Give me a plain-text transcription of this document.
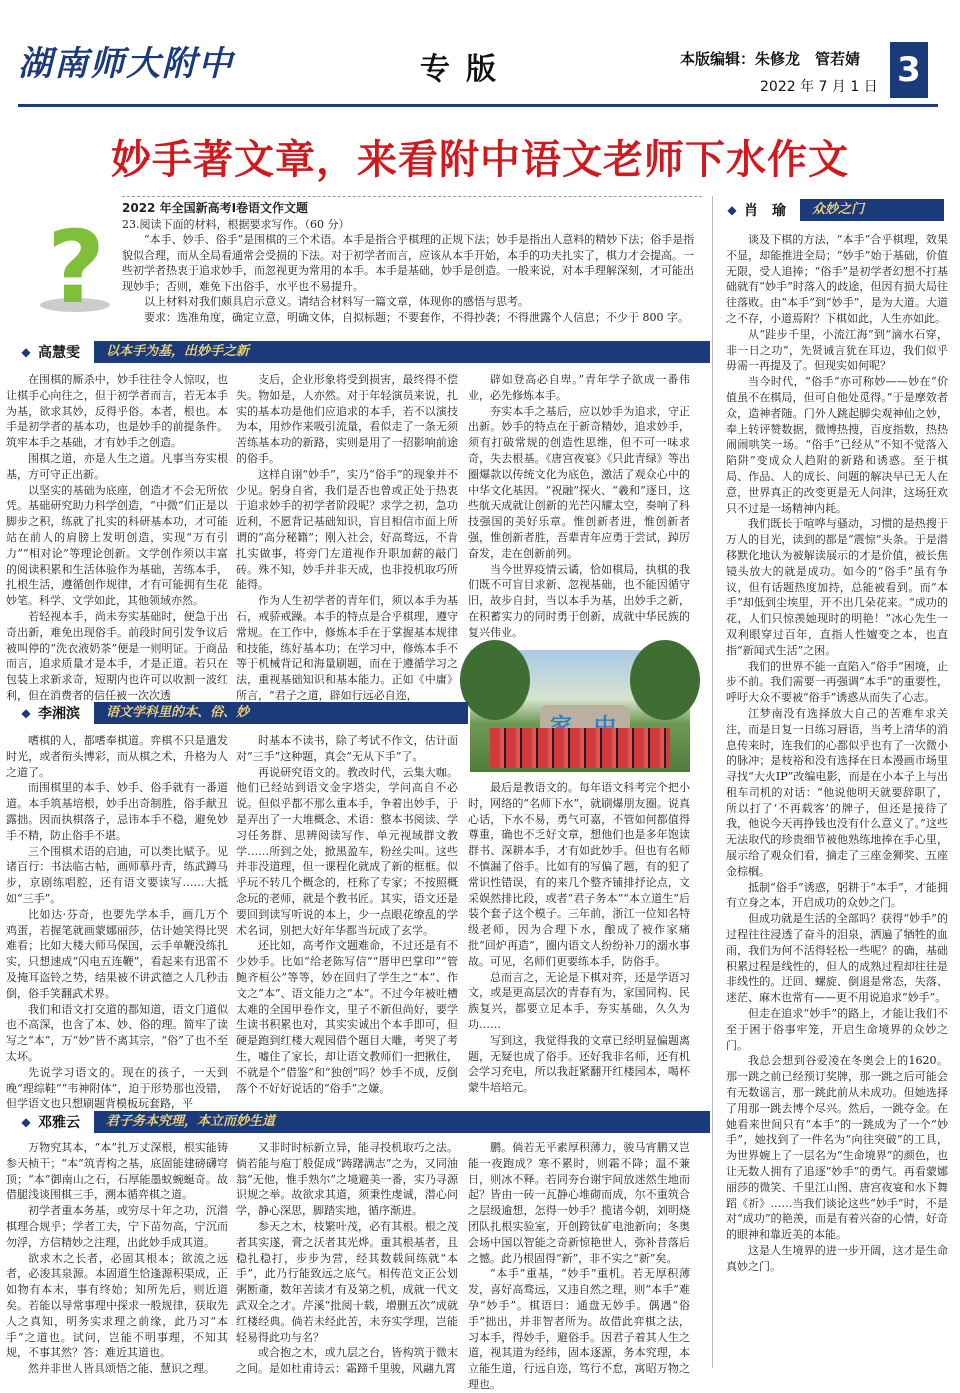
湖南师大附中	专版	本版编辑：朱修龙　管若婧
2022 年 7 月 1 日 3
妙手著文章，来看附中语文老师下水作文
?
2022 年全国新高考Ⅰ卷语文作文题
23.阅读下面的材料，根据要求写作。（60 分）

“本手、妙手、俗手”是围棋的三个术语。本手是指合乎棋理的正规下法；妙手是指出人意料的精妙下法；俗手是指貌似合理，而从全局看通常会受损的下法。对于初学者而言，应该从本手开始，本手的功夫扎实了，棋力才会提高。一些初学者热衷于追求妙手，而忽视更为常用的本手。本手是基础，妙手是创造。一般来说，对本手理解深刻，才可能出现妙手；否则，难免下出俗手，水平也不易提升。

以上材料对我们颇具启示意义。请结合材料写一篇文章，体现你的感悟与思考。

要求：选准角度，确定立意，明确文体，自拟标题；不要套作，不得抄袭；不得泄露个人信息；不少于 800 字。

◆ 肖　瑜	众妙之门
◆ 高慧雯	以本手为基，出妙手之新

在围棋的厮杀中，妙手往往令人惊叹，也让棋手心向往之，但于初学者而言，若无本手为基，欲求其妙，反得乎俗。本者，根也。本手是初学者的基本功，也是妙手的前提条件。筑牢本手之基础，才有妙手之创造。

围棋之道，亦是人生之道。凡事当夯实根基，方可守正出新。

以坚实的基础为底座，创造才不会无所依凭。基础研究助力科学创造，“中微”们正是以脚步之积，练就了扎实的科研基本功，才可能站在前人的肩膀上发明创造，实现“万有引力”“相对论”等理论创新。文学创作须以丰富的阅读积累和生活体验作为基础，苦练本手，扎根生活，遵循创作规律，才有可能拥有生花妙笔。科学、文学如此，其他领域亦然。

若轻视本手，尚未夯实基础时，便急于出奇出新，难免出现俗手。前段时间引发争议后被叫停的“洗衣液奶茶”便是一则明证。于商品而言，追求质量才是本手，才是正道。若只在包装上求新求奇，短期内也许可以收割一波红利，但在消费者的信任被一次次透

支后，企业形象将受到损害，最终得不偿失。物如是，人亦然。对于年轻演员来说，扎实的基本功是他们应追求的本手，若不以演技为本，用炒作来吸引流量，看似走了一条无须苦练基本功的新路，实则是用了一招影响前途的俗手。

这样自诩“妙手”，实乃“俗手”的现象并不少见。躬身自省，我们是否也曾或正处于热衷于追求妙手的初学者阶段呢？求学之初，急功近利，不愿背记基础知识，盲目相信市面上所谓的“高分秘籍”；刚入社会，好高骛远，不肯扎实做事，将旁门左道视作升职加薪的敲门砖。殊不知，妙手并非天成，也非投机取巧所能得。

作为人生初学者的青年们，须以本手为基石，戒骄戒躁。本手的特点是合乎棋理，遵守常规。在工作中，修炼本手在于掌握基本规律和技能，练好基本功；在学习中，修炼本手不等于机械背记和海量刷题，而在于遵循学习之法，重视基础知识和基本能力。正如《中庸》所言，“君子之道，辟如行远必自迩，

辟如登高必自卑。”青年学子欲成一番伟业，必先修炼本手。

夯实本手之基后，应以妙手为追求，守正出新。妙手的特点在于新奇精妙，追求妙手，须有打破常规的创造性思维，但不可一味求奇，失去根基。《唐宫夜宴》《只此青绿》等出圈爆款以传统文化为底色，激活了观众心中的中华文化基因。“祝融”探火、“羲和”逐日，这些航天成就让创新的光芒闪耀太空，奏响了科技强国的美好乐章。惟创新者进，惟创新者强，惟创新者胜，吾辈青年应勇于尝试，踔厉奋发，走在创新前列。

当今世界疫情云谲，恰如棋局，执棋的我们既不可盲目求新、忽视基础，也不能因循守旧，故步自封，当以本手为基，出妙手之新，在积蓄实力的同时勇于创新，成就中华民族的复兴伟业。

◆ 李湘滨	语文学科里的本、俗、妙

嗜棋的人，都嗜奉棋道。弈棋不只是遣发时光，或者衔头博彩，而从棋之术，升格为人之道了。

而围棋里的本手、妙手、俗手就有一番道道。本手筑基培根，妙手出奇制胜，俗手献丑露拙。因而执棋落子，忌讳本手不稳，避免妙手不精，防止俗手不堪。

三个围棋术语的启迪，可以类比赋予。见诸百行：书法临古帖，画师摹丹青，练武蹲马步，京剧练唱腔，还有语文要读写……大抵如“三手”。

比如达·芬奇，也要先学本手，画几万个鸡蛋，若握笔就画蒙娜丽莎，估计她笑得比哭难看；比如大楼大师马保国，云手单鞭没练扎实，只想速成“闪电五连鞭”，看起来有迅雷不及掩耳盗铃之势，结果被不讲武德之人几秒击倒，俗手笑翻武术界。

我们和语文打交道的都知道，语文门道似也不高深，也含了本、妙、俗的理。简牢了读写之“本”，万“妙”皆不离其宗，“俗”了也不至太坏。

先说学习语文的。现在的孩子，一天到晚“理综鞋”“韦神附体”，迫于形势那也没错，但学语文也只想刷题背模板玩套路，平

时基本不读书，除了考试不作文，估计面对“三手”这种题，真会“无从下手”了。

再说研究语文的。教改时代，云集大咖。他们已经站到语文金字塔尖，学问高自不必说。但似乎都不那么重本手，争着出妙手，于是弄出了一大堆概念、术语：整本书阅读、学习任务群、思辨阅读写作、单元视域群文教学……所到之处，掀黑盈车，粉丝尖叫。这些并非没道理，但一课程化就成了新的框框。似乎玩不转几个概念的，枉称了专家；不按照概念玩的老师，就是个教书匠。其实，语文还是要回到读写听说的本上，少一点眼花缭乱的学术名词，别把大好年华都当玩成了玄学。

还比如，高考作文题难命，不过还是有不少妙手。比如“给老陈写信”“厝甲巴掌印”“管鲍齐桓公”等等，妙在回归了学生之“本”、作文之“本”、语文能力之“本”。不过今年被吐槽太难的全国甲卷作文，里子不新但尚好，要学生读书积累也对，其实实诚出个本手即可，但硬是跑到红楼大观园借个题目大雕，考哭了考生，嘘住了家长，却让语文教师们一把揪住，不就是个“借鉴”和“独创”吗？妙手不成，反倒落个不好好说话的“俗手”之嫌。

最后是教语文的。每年语文科考完个把小时，网络的“名师下水”，就刷爆朋友圈。说真心话，下水不易，勇气可嘉，不管如何都值得尊重，确也不乏好文章，想他们也是多年饱读群书、深耕本手，才有如此妙手。但也有名师不慎漏了俗手。比如有的写偏了题，有的犯了常识性错误，有的来几个整齐铺排抒论点，文采娱然排比段，或者“君子务本”“本立道生”后装个套子这个模子。三年前，浙江一位知名特级老师，因为合理下水，酿成了被作家痛批“回炉再造”，圈内语文人纷纷补刀的溺水事故。可见，名师们更要练本手，防俗手。

总而言之，无论是下棋对弈，还是学语习文，或是更高层次的青春有为，家国同构、民族复兴，都要立足本手，夯实基础，久久为功……

写到这，我觉得我的文章已经明显偏题离题，无疑也成了俗手。还好我非名师，还有机会学习充电，所以我赶紧翻开红楼园本，喝杯蒙牛培培元。

◆ 邓雅云	君子务本究理，本立而妙生道

万物究其本，“本”扎万丈深根，根实能铸参天桢干；“本”筑青构之基，底固能建磅礴穹顶；“本”御南山之石，石厚能墨蚁蜿蜒奇。故借腿浅谈围棋三手，溯本循弈棋之道。

初学者重本务基，或穷尽十年之功，沉潜棋理合规乎；学者工夫，宁下苗勿高，宁沉而勿浮，方信精妙之注理，出此妙手成其道。

欲求木之长者，必固其根本；欲流之远者，必浚其泉源。本固道生恰逢源积渠成，正如物有本末，事有终始；知所先后，则近道矣。若能以导常事理中探求一般规律，获取先人之真知，明务实求理之前缘，此乃习“本手”之道也。试问，岂能不明事理，不知其规，不事其然？答：难近其道也。

然并非世人皆具颂悟之能、慧识之理。

又非时时标新立异，能寻投机取巧之法。倘若能与庖丁般促成“踌躇满志”之为，又同油翁“无他，惟手熟尔”之境避美一番，实乃寻源识规之举。故欲求其道，须秉性虔诚，潜心问学，静心深思，脚踏实地，循序渐进。

参天之木，枝繁叶茂，必有其根。根之茂者其实遂，膏之沃者其光烨。重其根基者，且稳扎稳打，步步为营，经其数载间练就“本手”，此乃行能致远之底气。相传范文正公划粥断齑，数年苦读才有及第之机，成就一代文武双全之才。芹溪“批阅十载，增删五次”成就红楼经典。倘若未经此苦，未夯实学理，岂能轻易得此功与名？

或合抱之木，或九层之台，皆构筑于微末之间。是如杜甫诗云：霜蹄千里骏，风翮九霄

鹏。倘若无平素厚积薄力，骏马宵鹏又岂能一夜跑成？寒不累时，则霜不降；温不兼日，则冰不释。若同夯台谢宇间放迷然生地而起？皆由一砖一瓦静心堆砌而成，尔不重筑合之层级逾想，怎得一妙手？揽诸今朝，刘明烧团队扎根实验室，开创跨钛矿电池新向；冬奥会场中国以智能之奇新惊艳世人，弥补昔落后之憾。此乃根固得“新”，非不实之“新”矣。

“本手”重基，“妙手”重机。若无厚积薄发，喜好高骛远，又违自然之理，则“本手”难孕“妙手”。棋语曰：通盘无妙手。偶遇“俗手”拙出，并非智者所为。故借此弈棋之法，习本手，得妙手，避俗手。因君子着其人生之道，视其道为经纬，固本逐源，务本究理，本立能生道，行远自迩，笃行不怠，寓昭万物之理也。

谈及下棋的方法，“本手”合乎棋理，效果不显，却能推进全局；“妙手”始于基础，价值无限，受人追捧；“俗手”是初学者幻想不打基础就有“妙手”时落入的歧途，但因有损大局往往落败。由“本手”到“妙手”，是为大道。大道之不存，小道焉附？下棋如此，人生亦如此。

从“跬步千里，小流江海”到“滴水石穿，非一日之功”，先贤诫言犹在耳边，我们似乎毋需一再提及了。但现实如何呢？

当今时代，“俗手”亦可称妙——妙在“价值虽不在棋局，但可自他处觅得。”于是摩效者众，造神者随。门外人跳起脚尖观神仙之妙，奉上转评赞数据，微博热搜，百度指数，热热闹闹哄笑一场。“俗手”已经从“不知不觉落入陷阱”变成众人趋附的新路和诱惑。至于棋局、作品、人的成长、问题的解决早已无人在意，世界真正的改变更是无人问津，这场狂欢只不过是一场精神内耗。

我们既长于喧哗与骚动，习惯的是热搜于万人的目光，读到的都是“震惊”头条。于是潜移默化地认为被解读展示的才是价值，被长焦镜头放大的就是成功。如今的“俗手”虽有争议，但有话题热度加持，总能被看到。而“本手”却低到尘埃里，开不出几朵花来。“成功的花，人们只惊羡她现时的明艳！”冰心先生一双利眼穿过百年，直指人性嬗变之本，也直指“新闻式生活”之困。

我们的世界不能一直陷入“俗手”困境，止步不前。我们需要一再强调“本手”的重要性，呼吁大众不要被“俗手”诱惑从而失了心志。

江梦南没有选择放大自己的苦难牟求关注，而是日复一日练习唇语，当考上清华的消息传来时，连我们的心都似乎也有了一次微小的脉冲；是枝裕和没有选择在日本漫画市场里寻找“大火IP”改编电影，而是在小本子上与出租车司机的对话：“他说他明天就要辞职了，所以打了‘不再载客’的牌子，但还是接待了我，他说今天再挣钱也没有什么意义了。”这些无法取代的珍贵细节被他熟练地捧在手心里，展示给了观众们看，摘走了三座金狮奖、五座金棕榈。

抵制“俗手”诱惑，躬耕于“本手”，才能拥有立身之本，开启成功的众妙之门。

但成功就是生活的全部吗？获得“妙手”的过程往往浸透了奋斗的泪泉，洒遍了牺牲的血雨，我们为何不活得轻松一些呢？的确，基础积累过程是线性的，但人的成熟过程却往往是非线性的。迂回、螺旋、倒退是常态，失落、迷茫、麻木也常有——更不用说追求“妙手”。

但走在追求“妙手”的路上，才能让我们不至于困于俗事牢笼，开启生命境界的众妙之门。

我总会想到谷爱凌在冬奥会上的1620。那一跳之前已经预订奖牌，那一跳之后可能会有无数谣言，那一跳此前从未成功。但她选择了用那一跳去博个尽兴。然后，一跳夺金。在她看来世间只有“本手”的一跳成为了一个“妙手”，她找到了一件名为“向往突破”的工具，为世界婉上了一层名为“生命境界”的颜色，也让无数人拥有了追逐“妙手”的勇气。再看蒙娜丽莎的微笑、千里江山图、唐宫夜宴和水下舞蹈《祈》……当我们谈论这些“妙手”时，不是对“成功”的艳羡，而是有着兴奋的心情，好奇的眼神和靠近美的本能。

这是人生境界的进一步开阔，这才是生命真妙之门。
